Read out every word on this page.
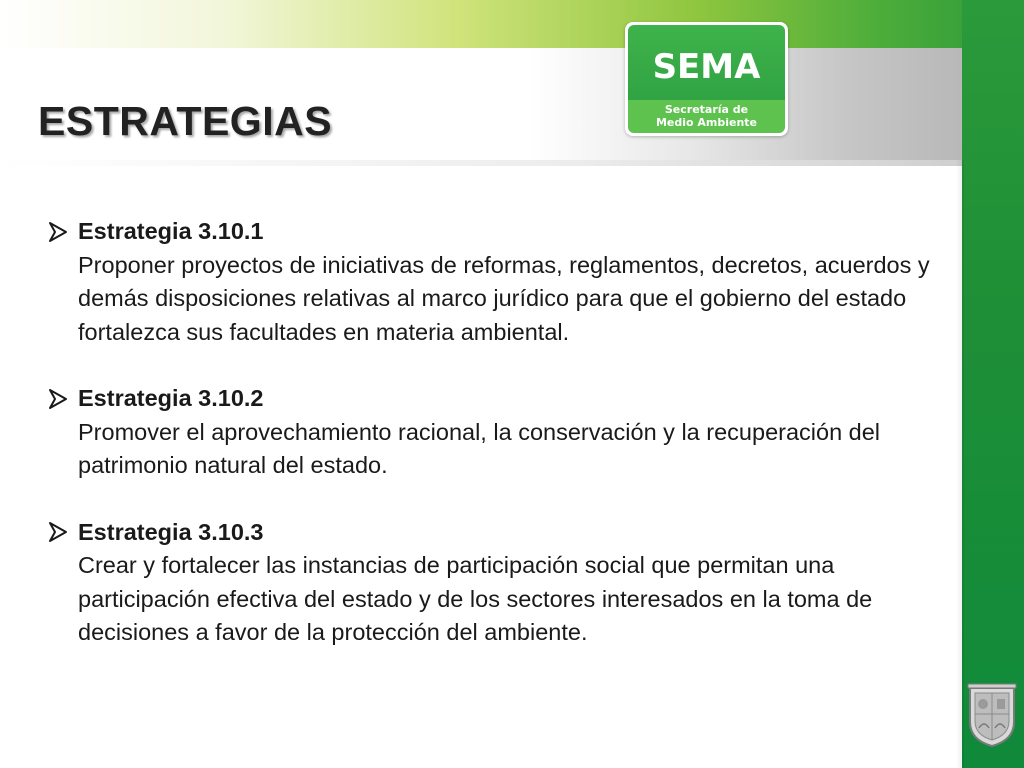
ESTRATEGIAS
SEMA
Secretaría de
Medio Ambiente
Estrategia 3.10.1
Proponer proyectos de iniciativas de reformas, reglamentos, decretos, acuerdos y demás disposiciones relativas al marco jurídico para que el gobierno del estado fortalezca sus facultades en materia ambiental.
Estrategia 3.10.2
Promover el aprovechamiento racional, la conservación y la recuperación del patrimonio natural del estado.
Estrategia 3.10.3
Crear y fortalecer las instancias de participación social que permitan una participación efectiva del estado y de los sectores interesados en la toma de decisiones a favor de la protección del ambiente.
